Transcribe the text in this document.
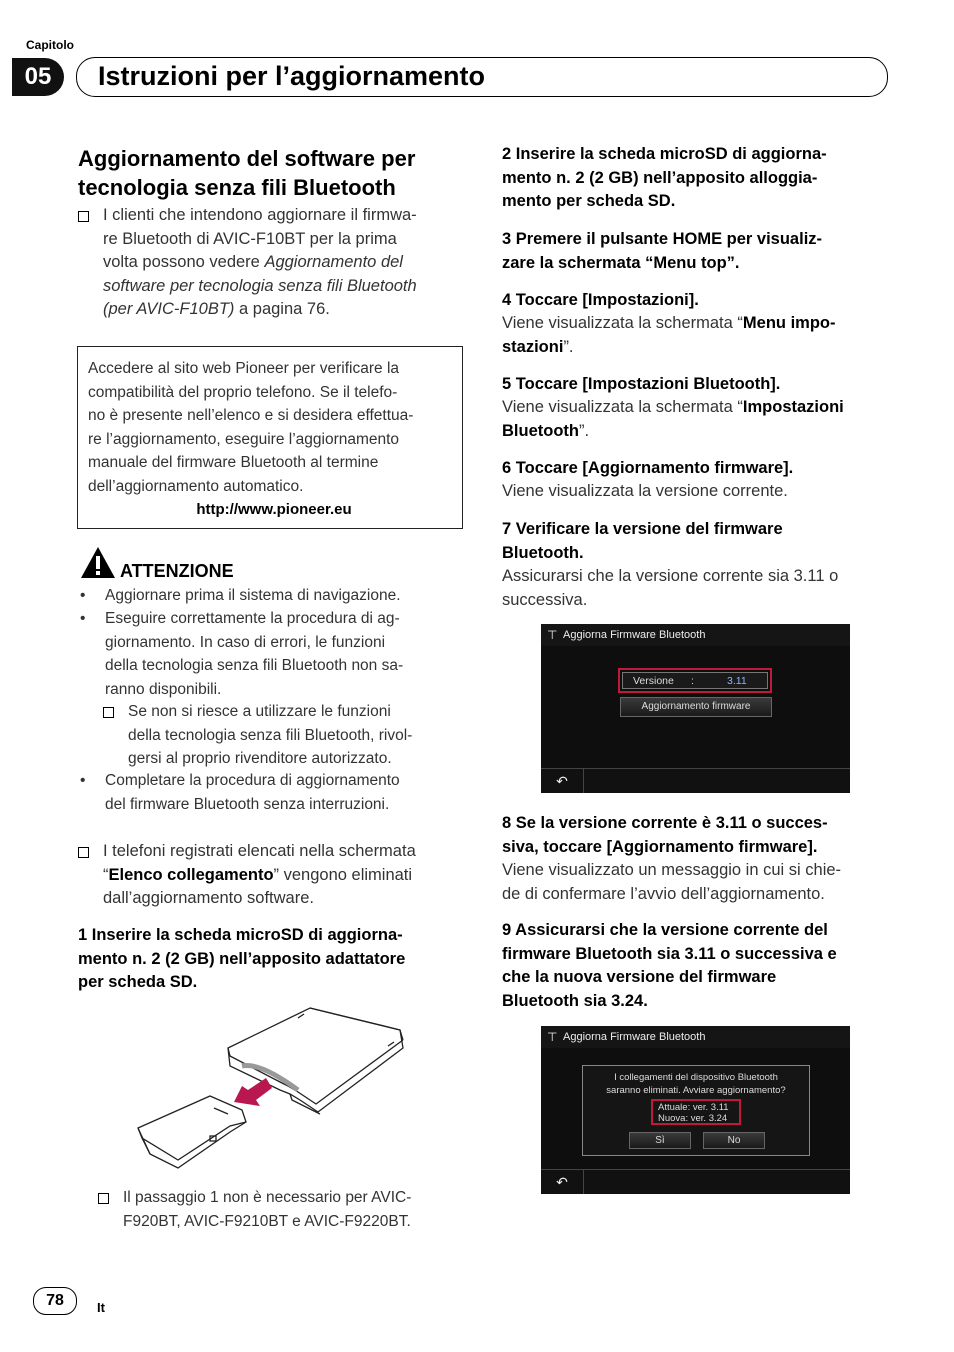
Capitolo
05	Istruzioni per l’aggiornamento
Aggiornamento del software per
tecnologia senza fili Bluetooth
I clienti che intendono aggiornare il firmwa-
re Bluetooth di AVIC-F10BT per la prima
volta possono vedere Aggiornamento del
software per tecnologia senza fili Bluetooth
(per AVIC-F10BT) a pagina 76.
Accedere al sito web Pioneer per verificare la
compatibilità del proprio telefono. Se il telefo-
no è presente nell’elenco e si desidera effettua-
re l’aggiornamento, eseguire l’aggiornamento
manuale del firmware Bluetooth al termine
dell’aggiornamento automatico.
http://www.pioneer.eu
ATTENZIONE
• Aggiornare prima il sistema di navigazione.
• Eseguire correttamente la procedura di ag-
giornamento. In caso di errori, le funzioni
della tecnologia senza fili Bluetooth non sa-
ranno disponibili.
Se non si riesce a utilizzare le funzioni
della tecnologia senza fili Bluetooth, rivol-
gersi al proprio rivenditore autorizzato.
• Completare la procedura di aggiornamento
del firmware Bluetooth senza interruzioni.
I telefoni registrati elencati nella schermata
“Elenco collegamento” vengono eliminati
dall’aggiornamento software.
1 Inserire la scheda microSD di aggiorna-
mento n. 2 (2 GB) nell’apposito adattatore
per scheda SD.
Il passaggio 1 non è necessario per AVIC-
F920BT, AVIC-F9210BT e AVIC-F9220BT.
2 Inserire la scheda microSD di aggiorna-
mento n. 2 (2 GB) nell’apposito alloggia-
mento per scheda SD.
3 Premere il pulsante HOME per visualiz-
zare la schermata “Menu top”.
4 Toccare [Impostazioni].
Viene visualizzata la schermata “Menu impo-
stazioni”.
5 Toccare [Impostazioni Bluetooth].
Viene visualizzata la schermata “Impostazioni
Bluetooth”.
6 Toccare [Aggiornamento firmware].
Viene visualizzata la versione corrente.
7 Verificare la versione del firmware
Bluetooth.
Assicurarsi che la versione corrente sia 3.11 o
successiva.
⊤ Aggiorna Firmware Bluetooth
Versione :	3.11
Aggiornamento firmware
↶
8 Se la versione corrente è 3.11 o succes-
siva, toccare [Aggiornamento firmware].
Viene visualizzato un messaggio in cui si chie-
de di confermare l’avvio dell’aggiornamento.
9 Assicurarsi che la versione corrente del
firmware Bluetooth sia 3.11 o successiva e
che la nuova versione del firmware
Bluetooth sia 3.24.
⊤ Aggiorna Firmware Bluetooth
I collegamenti del dispositivo Bluetooth
saranno eliminati. Avviare aggiornamento?
Attuale: ver. 3.11
Nuova: ver. 3.24
Sì	No
↶
78	It
